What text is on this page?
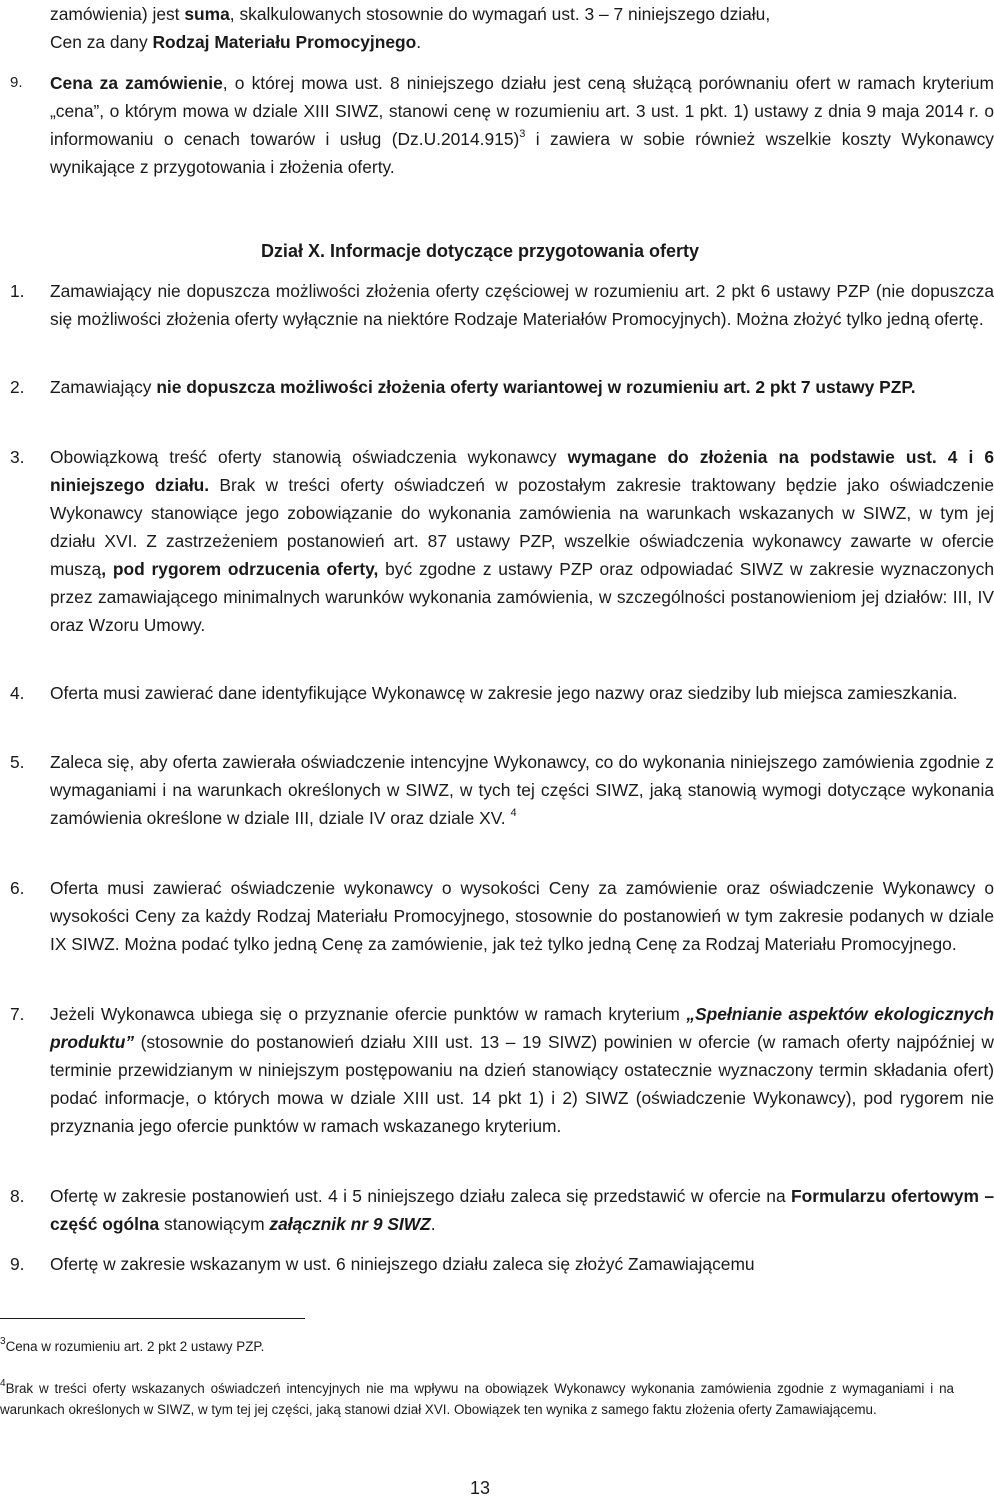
zamówienia) jest suma, skalkulowanych stosownie do wymagań ust. 3 – 7 niniejszego działu,
Cen za dany Rodzaj Materiału Promocyjnego.
9. Cena za zamówienie, o której mowa ust. 8 niniejszego działu jest ceną służącą porównaniu ofert w ramach kryterium „cena”, o którym mowa w dziale XIII SIWZ, stanowi cenę w rozumieniu art. 3 ust. 1 pkt. 1) ustawy z dnia 9 maja 2014 r. o informowaniu o cenach towarów i usług $(Dz.U.2014.915)^3$ i zawiera w sobie również wszelkie koszty Wykonawcy wynikające z przygotowania i złożenia oferty.
Dział X. Informacje dotyczące przygotowania oferty
1. Zamawiający nie dopuszcza możliwości złożenia oferty częściowej w rozumieniu art. 2 pkt 6 ustawy PZP (nie dopuszcza się możliwości złożenia oferty wyłącznie na niektóre Rodzaje Materiałów Promocyjnych). Można złożyć tylko jedną ofertę.
2. Zamawiający nie dopuszcza możliwości złożenia oferty wariantowej w rozumieniu art. 2 pkt 7 ustawy PZP.
3. Obowiązkową treść oferty stanowią oświadczenia wykonawcy wymagane do złożenia na podstawie ust. 4 i 6 niniejszego działu. Brak w treści oferty oświadczeń w pozostałym zakresie traktowany będzie jako oświadczenie Wykonawcy stanowiące jego zobowiązanie do wykonania zamówienia na warunkach wskazanych w SIWZ, w tym jej działu XVI. Z zastrzeżeniem postanowień art. 87 ustawy PZP, wszelkie oświadczenia wykonawcy zawarte w ofercie muszą, pod rygorem odrzucenia oferty, być zgodne z ustawy PZP oraz odpowiadać SIWZ w zakresie wyznaczonych przez zamawiającego minimalnych warunków wykonania zamówienia, w szczególności postanowieniom jej działów: III, IV oraz Wzoru Umowy.
4. Oferta musi zawierać dane identyfikujące Wykonawcę w zakresie jego nazwy oraz siedziby lub miejsca zamieszkania.
5. Zaleca się, aby oferta zawierała oświadczenie intencyjne Wykonawcy, co do wykonania niniejszego zamówienia zgodnie z wymaganiami i na warunkach określonych w SIWZ, w tych tej części SIWZ, jaką stanowią wymogi dotyczące wykonania zamówienia określone w dziale III, dziale IV oraz dziale XV. $^4$
6. Oferta musi zawierać oświadczenie wykonawcy o wysokości Ceny za zamówienie oraz oświadczenie Wykonawcy o wysokości Ceny za każdy Rodzaj Materiału Promocyjnego, stosownie do postanowień w tym zakresie podanych w dziale IX SIWZ. Można podać tylko jedną Cenę za zamówienie, jak też tylko jedną Cenę za Rodzaj Materiału Promocyjnego.
7. Jeżeli Wykonawca ubiega się o przyznanie ofercie punktów w ramach kryterium „Spełnianie aspektów ekologicznych produktu” (stosownie do postanowień działu XIII ust. 13 – 19 SIWZ) powinien w ofercie (w ramach oferty najpóźniej w terminie przewidzianym w niniejszym postępowaniu na dzień stanowiący ostatecznie wyznaczony termin składania ofert) podać informacje, o których mowa w dziale XIII ust. 14 pkt 1) i 2) SIWZ (oświadczenie Wykonawcy), pod rygorem nie przyznania jego ofercie punktów w ramach wskazanego kryterium.
8. Ofertę w zakresie postanowień ust. 4 i 5 niniejszego działu zaleca się przedstawić w ofercie na Formularzu ofertowym – część ogólna stanowiącym załącznik nr 9 SIWZ.
9. Ofertę w zakresie wskazanym w ust. 6 niniejszego działu zaleca się złożyć Zamawiającemu
$^3$Cena w rozumieniu art. 2 pkt 2 ustawy PZP.
$^4$Brak w treści oferty wskazanych oświadczeń intencyjnych nie ma wpływu na obowiązek Wykonawcy wykonania zamówienia zgodnie z wymaganiami i na warunkach określonych w SIWZ, w tym tej jej części, jaką stanowi dział XVI. Obowiązek ten wynika z samego faktu złożenia oferty Zamawiającemu.
13
